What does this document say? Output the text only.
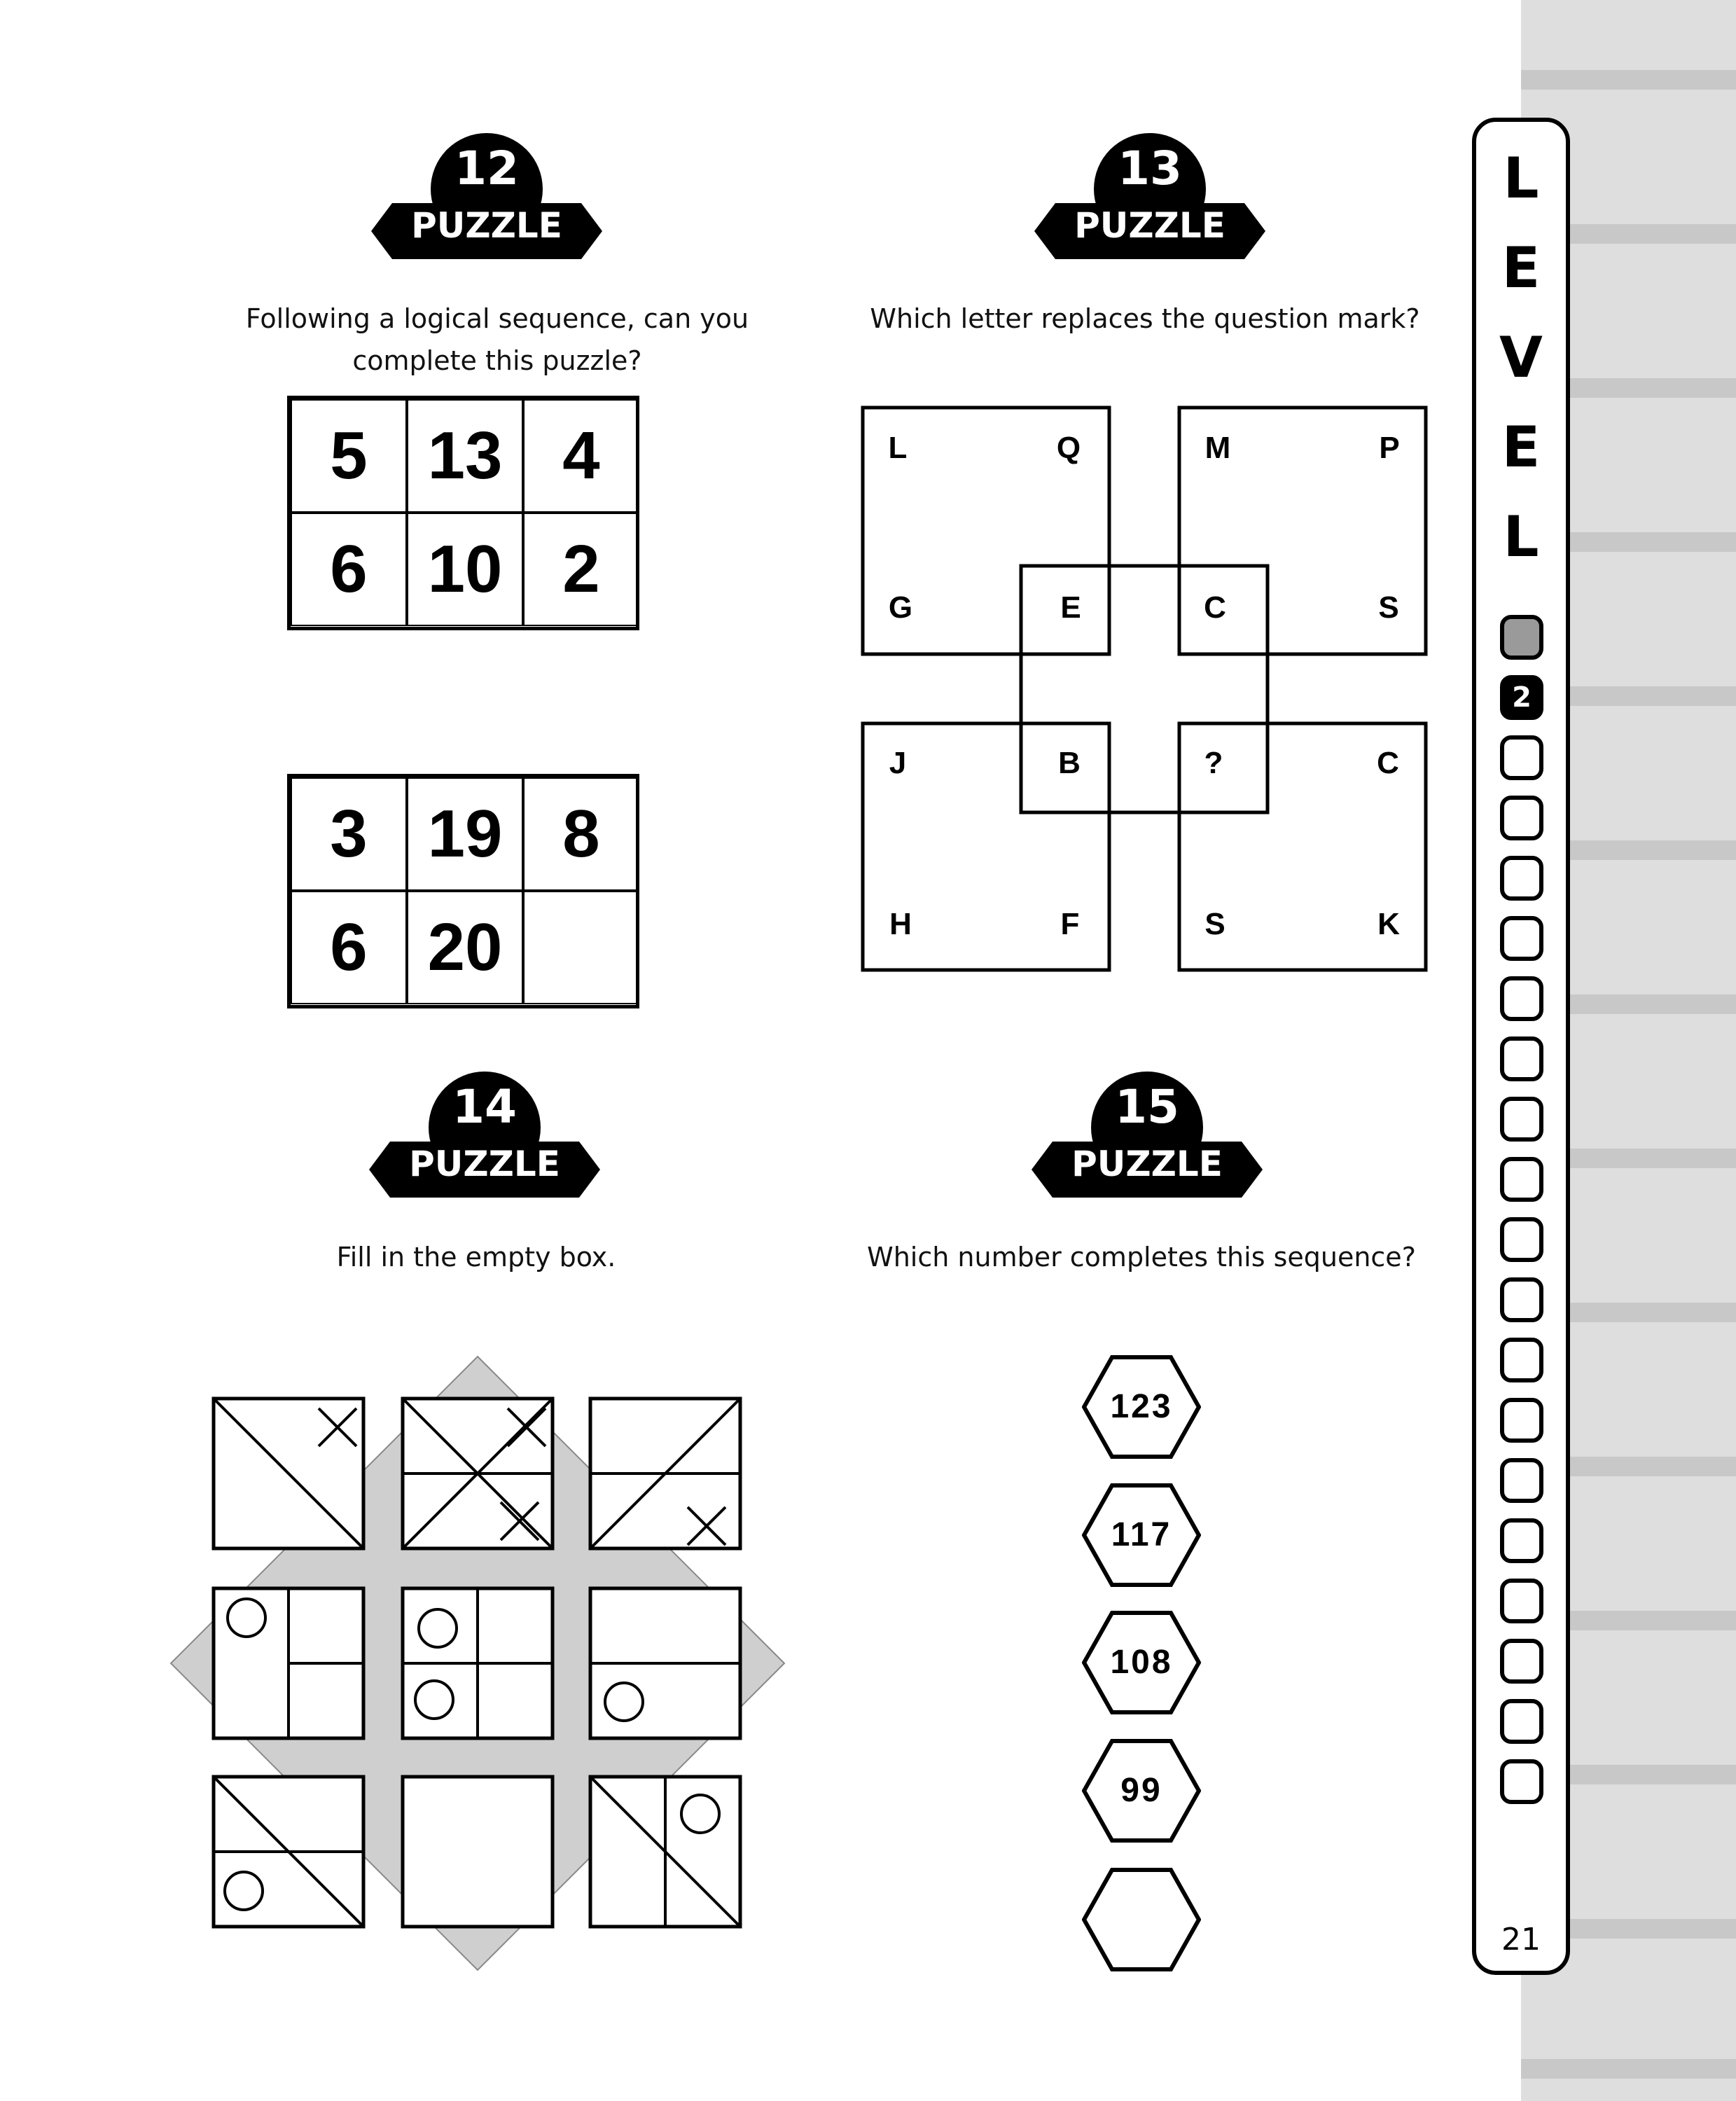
12
PUZZLE
Following a logical sequence, can you complete this puzzle?
5 13 4
6 10 2
3 19 8
6 20
13
PUZZLE
Which letter replaces the question mark?
L	Q
G	E
M	P
C	S
J	B
H	F
?	C
S	K
14
PUZZLE
Fill in the empty box.
15
PUZZLE
Which number completes this sequence?
123
117
108
99
L
E
V
E
L
2
21
